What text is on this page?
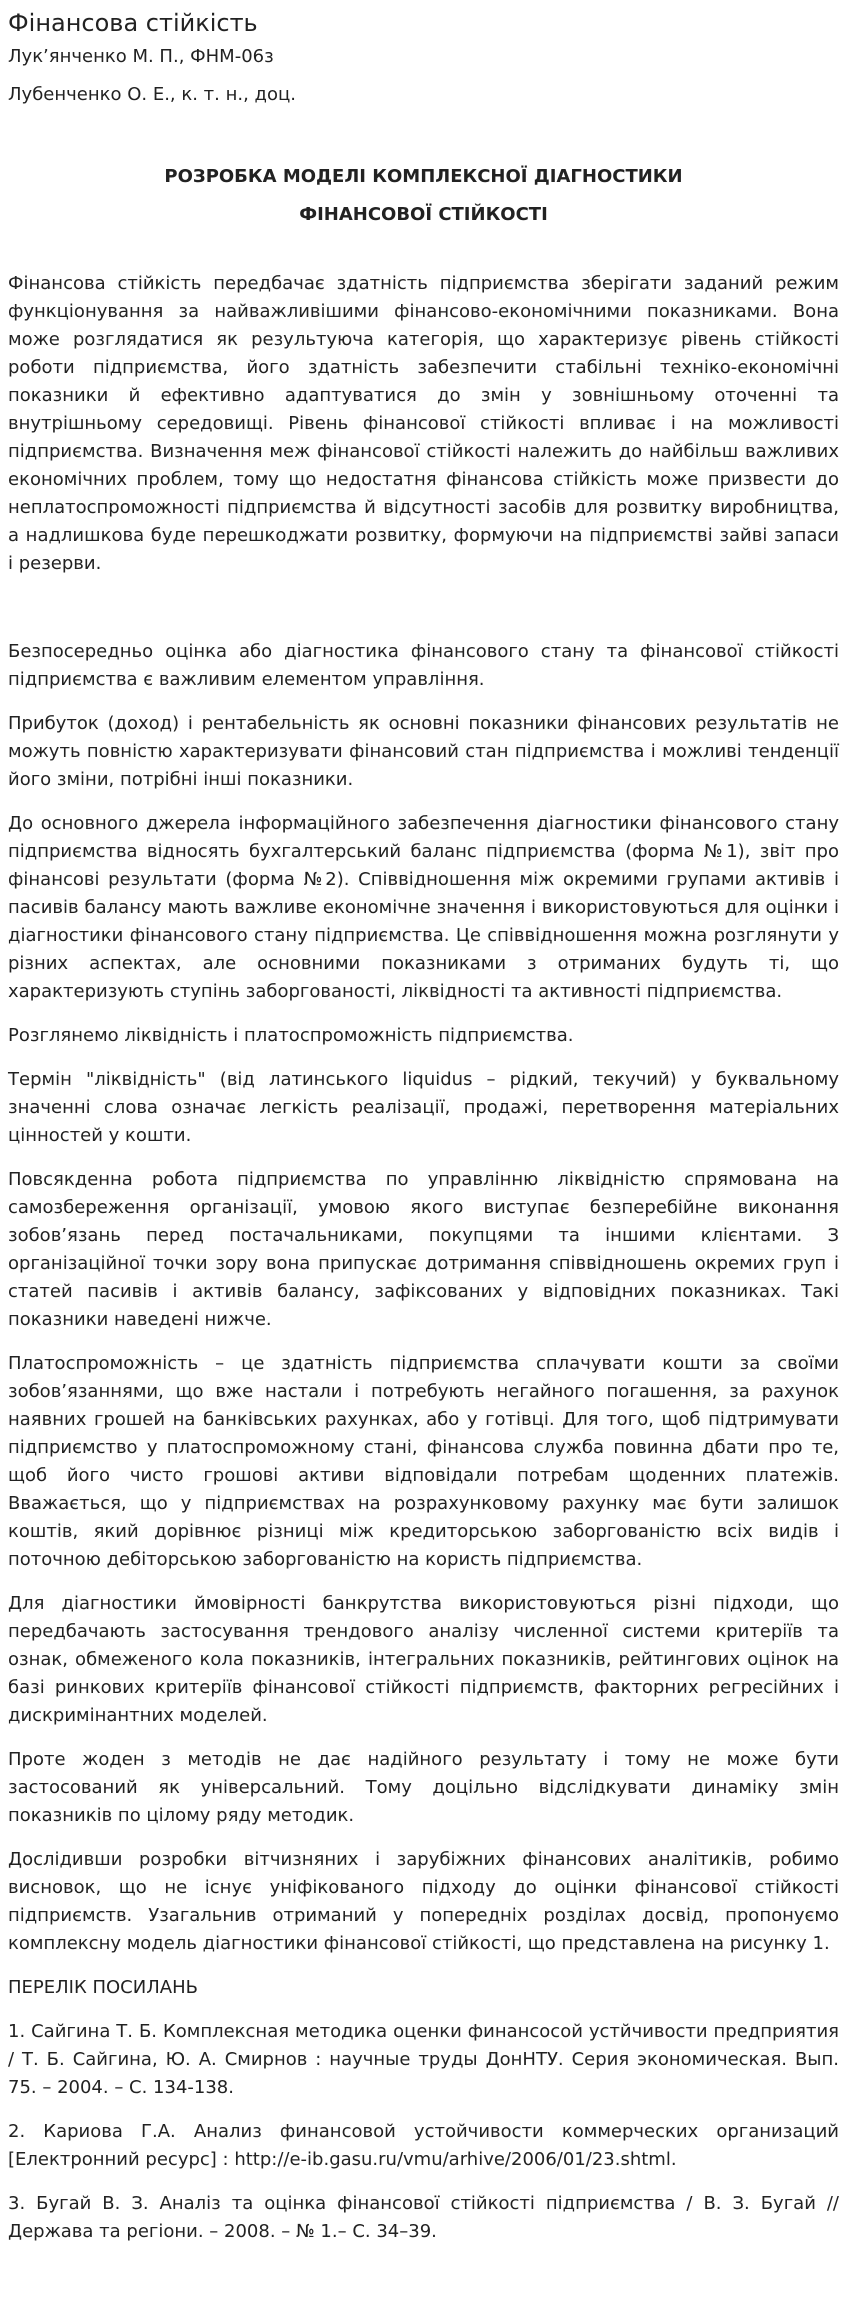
Фінансова стійкість

Лук’янченко М. П., ФНМ-06з

Лубенченко О. Е., к. т. н., доц.

РОЗРОБКА МОДЕЛІ КОМПЛЕКСНОЇ ДІАГНОСТИКИ
ФІНАНСОВОЇ СТІЙКОСТІ

Фінансова стійкість передбачає здатність підприємства зберігати заданий режим функціонування за найважливішими фінансово-економічними показниками. Вона може розглядатися як результуюча категорія, що характеризує рівень стійкості роботи підприємства, його здатність забезпечити стабільні техніко-економічні показники й ефективно адаптуватися до змін у зовнішньому оточенні та внутрішньому середовищі. Рівень фінансової стійкості впливає і на можливості підприємства. Визначення меж фінансової стійкості належить до найбільш важливих економічних проблем, тому що недостатня фінансова стійкість може призвести до неплатоспроможності підприємства й відсутності засобів для розвитку виробництва, а надлишкова буде перешкоджати розвитку, формуючи на підприємстві зайві запаси і резерви.

Безпосередньо оцінка або діагностика фінансового стану та фінансової стійкості підприємства є важливим елементом управління.

Прибуток (доход) і рентабельність як основні показники фінансових результатів не можуть повністю характеризувати фінансовий стан підприємства і можливі тенденції його зміни, потрібні інші показники.

До основного джерела інформаційного забезпечення діагностики фінансового стану підприємства відносять бухгалтерський баланс підприємства (форма №1), звіт про фінансові результати (форма №2). Співвідношення між окремими групами активів і пасивів балансу мають важливе економічне значення і використовуються для оцінки і діагностики фінансового стану підприємства. Це співвідношення можна розглянути у різних аспектах, але основними показниками з отриманих будуть ті, що характеризують ступінь заборгованості, ліквідності та активності підприємства.

Розглянемо ліквідність і платоспроможність підприємства.

Термін "ліквідність" (від латинського liquidus – рідкий, текучий) у буквальному значенні слова означає легкість реалізації, продажі, перетворення матеріальних цінностей у кошти.

Повсякденна робота підприємства по управлінню ліквідністю спрямована на самозбереження організації, умовою якого виступає безперебійне виконання зобов’язань перед постачальниками, покупцями та іншими клієнтами. З організаційної точки зору вона припускає дотримання співвідношень окремих груп і статей пасивів і активів балансу, зафіксованих у відповідних показниках. Такі показники наведені нижче.

Платоспроможність – це здатність підприємства сплачувати кошти за своїми зобов’язаннями, що вже настали і потребують негайного погашення, за рахунок наявних грошей на банківських рахунках, або у готівці. Для того, щоб підтримувати підприємство у платоспроможному стані, фінансова служба повинна дбати про те, щоб його чисто грошові активи відповідали потребам щоденних платежів. Вважається, що у підприємствах на розрахунковому рахунку має бути залишок коштів, який дорівнює різниці між кредиторською заборгованістю всіх видів і поточною дебіторською заборгованістю на користь підприємства.

Для діагностики ймовірності банкрутства використовуються різні підходи, що передбачають застосування трендового аналізу численної системи критеріїв та ознак, обмеженого кола показників, інтегральних показників, рейтингових оцінок на базі ринкових критеріїв фінансової стійкості підприємств, факторних регресійних і дискримінантних моделей.

Проте жоден з методів не дає надійного результату і тому не може бути застосований як універсальний. Тому доцільно відслідкувати динаміку змін показників по цілому ряду методик.

Дослідивши розробки вітчизняних і зарубіжних фінансових аналітиків, робимо висновок, що не існує уніфікованого підходу до оцінки фінансової стійкості підприємств. Узагальнив отриманий у попередніх розділах досвід, пропонуємо комплексну модель діагностики фінансової стійкості, що представлена на рисунку 1.

ПЕРЕЛІК ПОСИЛАНЬ

1. Сайгина Т. Б. Комплексная методика оценки финансосой устйчивости предприятия / Т. Б. Сайгина, Ю. А. Смирнов : научные труды ДонНТУ. Серия экономическая. Вып. 75. – 2004. – С. 134-138.

2. Кариова Г.А. Анализ финансовой устойчивости коммерческих организаций [Електронний ресурс] : http://e-ib.gasu.ru/vmu/arhive/2006/01/23.shtml.

3. Бугай В. З. Аналіз та оцінка фінансової стійкості підприємства / В. З. Бугай // Держава та регіони. – 2008. – № 1.– С. 34–39.
